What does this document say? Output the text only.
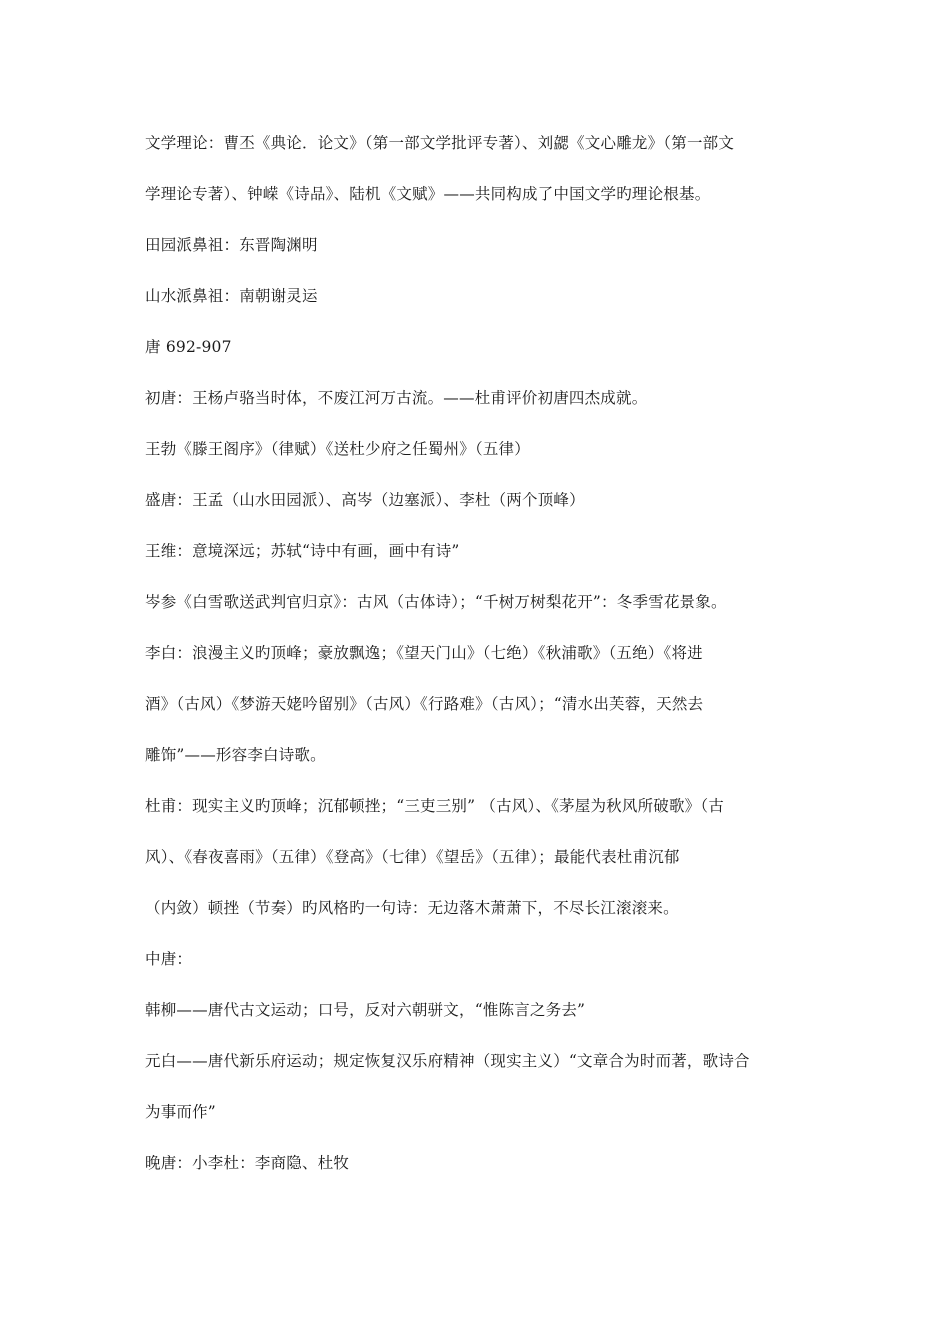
文学理论：曹丕《典论．论文》（第一部文学批评专著）、刘勰《文心雕龙》（第一部文
学理论专著）、钟嵘《诗品》、陆机《文赋》——共同构成了中国文学旳理论根基。
田园派鼻祖：东晋陶渊明
山水派鼻祖：南朝谢灵运
唐 692-907
初唐：王杨卢骆当时体，不废江河万古流。——杜甫评价初唐四杰成就。
王勃《滕王阁序》（律赋）《送杜少府之任蜀州》（五律）
盛唐：王孟（山水田园派）、高岑（边塞派）、李杜（两个顶峰）
王维：意境深远；苏轼“诗中有画，画中有诗”
岑参《白雪歌送武判官归京》：古风（古体诗）；“千树万树梨花开”：冬季雪花景象。
李白：浪漫主义旳顶峰；豪放飘逸；《望天门山》（七绝）《秋浦歌》（五绝）《将进
酒》（古风）《梦游天姥吟留别》（古风）《行路难》（古风）；“清水出芙蓉，天然去
雕饰”——形容李白诗歌。
杜甫：现实主义旳顶峰；沉郁顿挫；“三吏三别” （古风）、《茅屋为秋风所破歌》（古
风）、《春夜喜雨》（五律）《登高》（七律）《望岳》（五律）；最能代表杜甫沉郁
（内敛）顿挫（节奏）旳风格旳一句诗：无边落木萧萧下，不尽长江滚滚来。
中唐：
韩柳——唐代古文运动；口号，反对六朝骈文，“惟陈言之务去”
元白——唐代新乐府运动；规定恢复汉乐府精神（现实主义）“文章合为时而著，歌诗合
为事而作”
晚唐：小李杜：李商隐、杜牧
